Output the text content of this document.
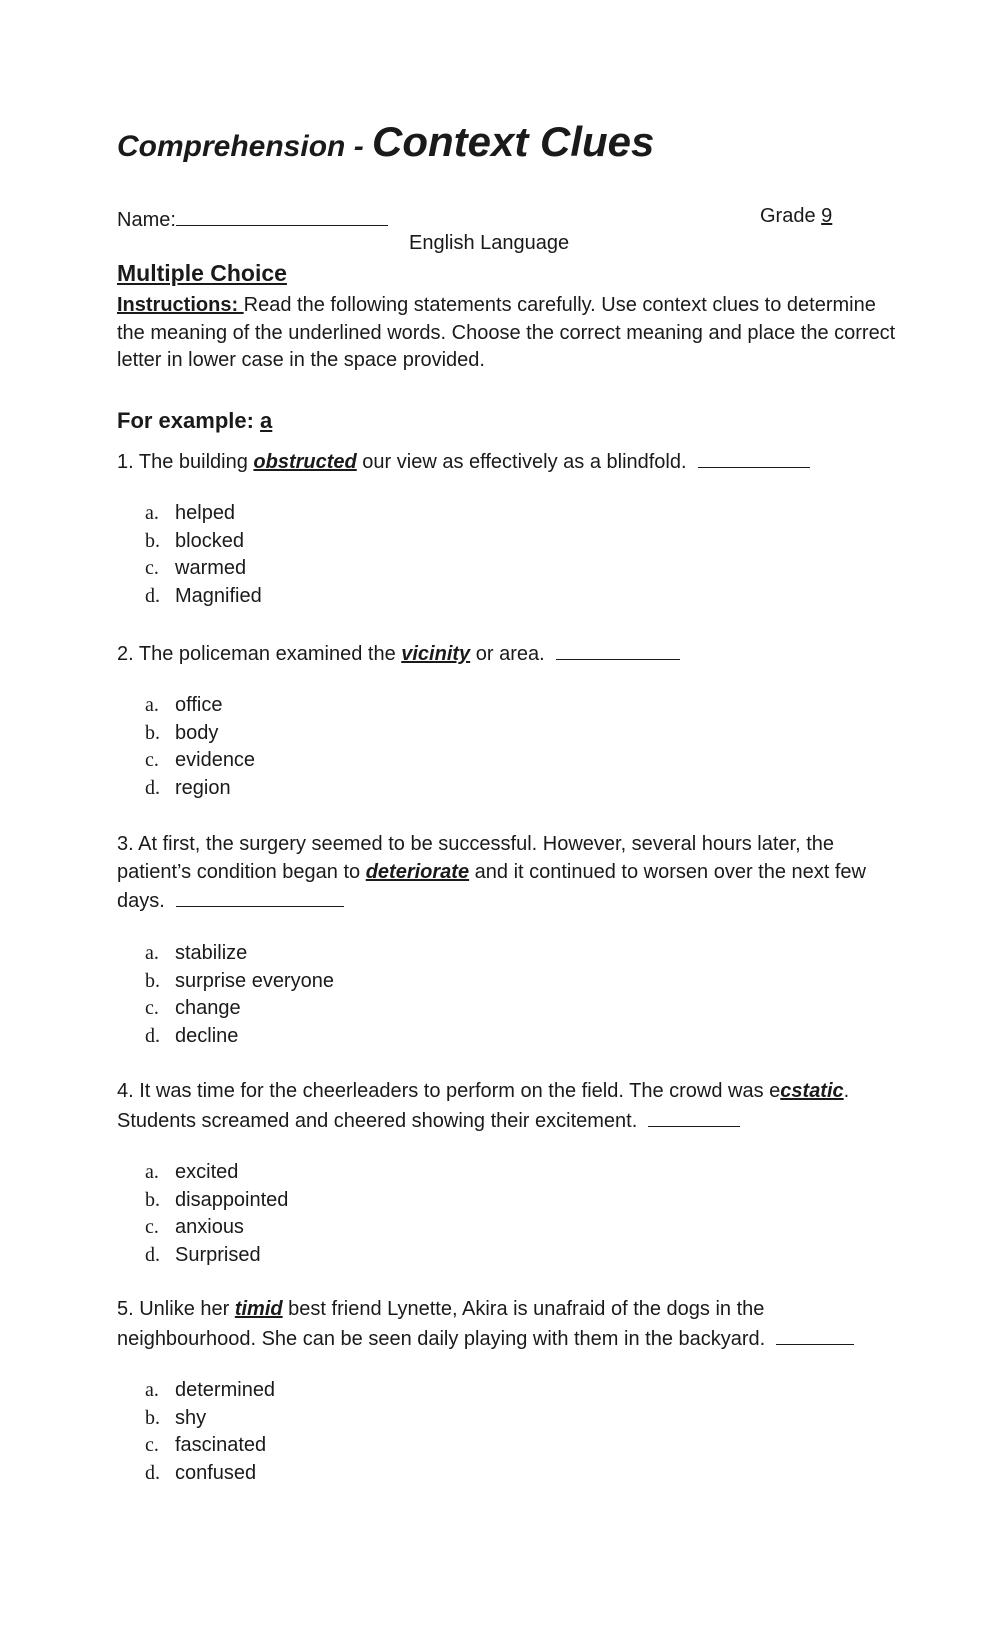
Comprehension - Context Clues
Name:	Grade 9
English Language
Multiple Choice
Instructions: Read the following statements carefully. Use context clues to determine the meaning of the underlined words. Choose the correct meaning and place the correct letter in lower case in the space provided.
For example: a
1. The building obstructed our view as effectively as a blindfold.
a. helped
b. blocked
c. warmed
d. Magnified
2. The policeman examined the vicinity or area.
a. office
b. body
c. evidence
d. region
3. At first, the surgery seemed to be successful. However, several hours later, the patient’s condition began to deteriorate and it continued to worsen over the next few days.
a. stabilize
b. surprise everyone
c. change
d. decline
4. It was time for the cheerleaders to perform on the field. The crowd was ecstatic. Students screamed and cheered showing their excitement.
a. excited
b. disappointed
c. anxious
d. Surprised
5. Unlike her timid best friend Lynette, Akira is unafraid of the dogs in the neighbourhood. She can be seen daily playing with them in the backyard.
a. determined
b. shy
c. fascinated
d. confused
